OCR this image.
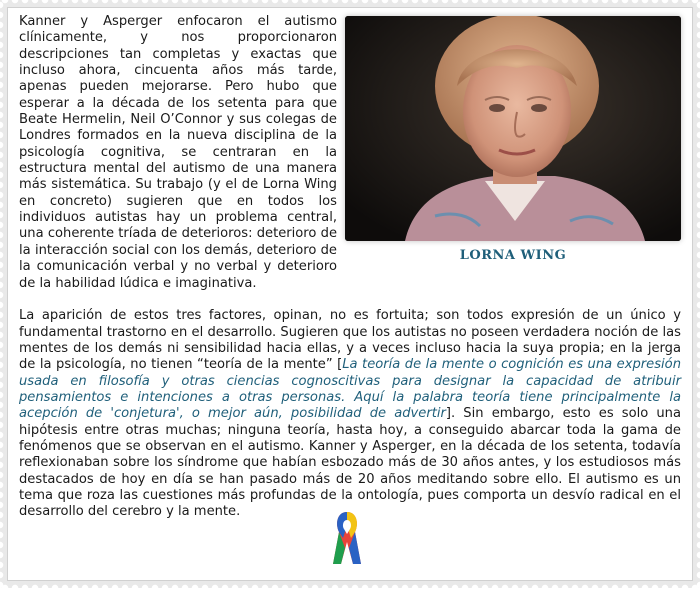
LORNA WING

Kanner y Asperger enfocaron el autismo clínicamente, y nos proporcionaron descripciones tan completas y exactas que incluso ahora, cincuenta años más tarde, apenas pueden mejorarse. Pero hubo que esperar a la década de los setenta para que Beate Hermelin, Neil O’Connor y sus colegas de Londres formados en la nueva disciplina de la psicología cognitiva, se centraran en la estructura mental del autismo de una manera más sistemática. Su trabajo (y el de Lorna Wing en concreto) sugieren que en todos los individuos autistas hay un problema central, una coherente tríada de deterioros: deterioro de la interacción social con los demás, deterioro de la comunicación verbal y no verbal y deterioro de la habilidad lúdica e imaginativa.

La aparición de estos tres factores, opinan, no es fortuita; son todos expresión de un único y fundamental trastorno en el desarrollo. Sugieren que los autistas no poseen verdadera noción de las mentes de los demás ni sensibilidad hacia ellas, y a veces incluso hacia la suya propia; en la jerga de la psicología, no tienen “teoría de la mente” [La teoría de la mente o cognición es una expresión usada en filosofía y otras ciencias cognoscitivas para designar la capacidad de atribuir pensamientos e intenciones a otras personas. Aquí la palabra teoría tiene principalmente la acepción de 'conjetura', o mejor aún, posibilidad de advertir]. Sin embargo, esto es solo una hipótesis entre otras muchas; ninguna teoría, hasta hoy, a conseguido abarcar toda la gama de fenómenos que se observan en el autismo. Kanner y Asperger, en la década de los setenta, todavía reflexionaban sobre los síndrome que habían esbozado más de 30 años antes, y los estudiosos más destacados de hoy en día se han pasado más de 20 años meditando sobre ello. El autismo es un tema que roza las cuestiones más profundas de la ontología, pues comporta un desvío radical en el desarrollo del cerebro y la mente.
